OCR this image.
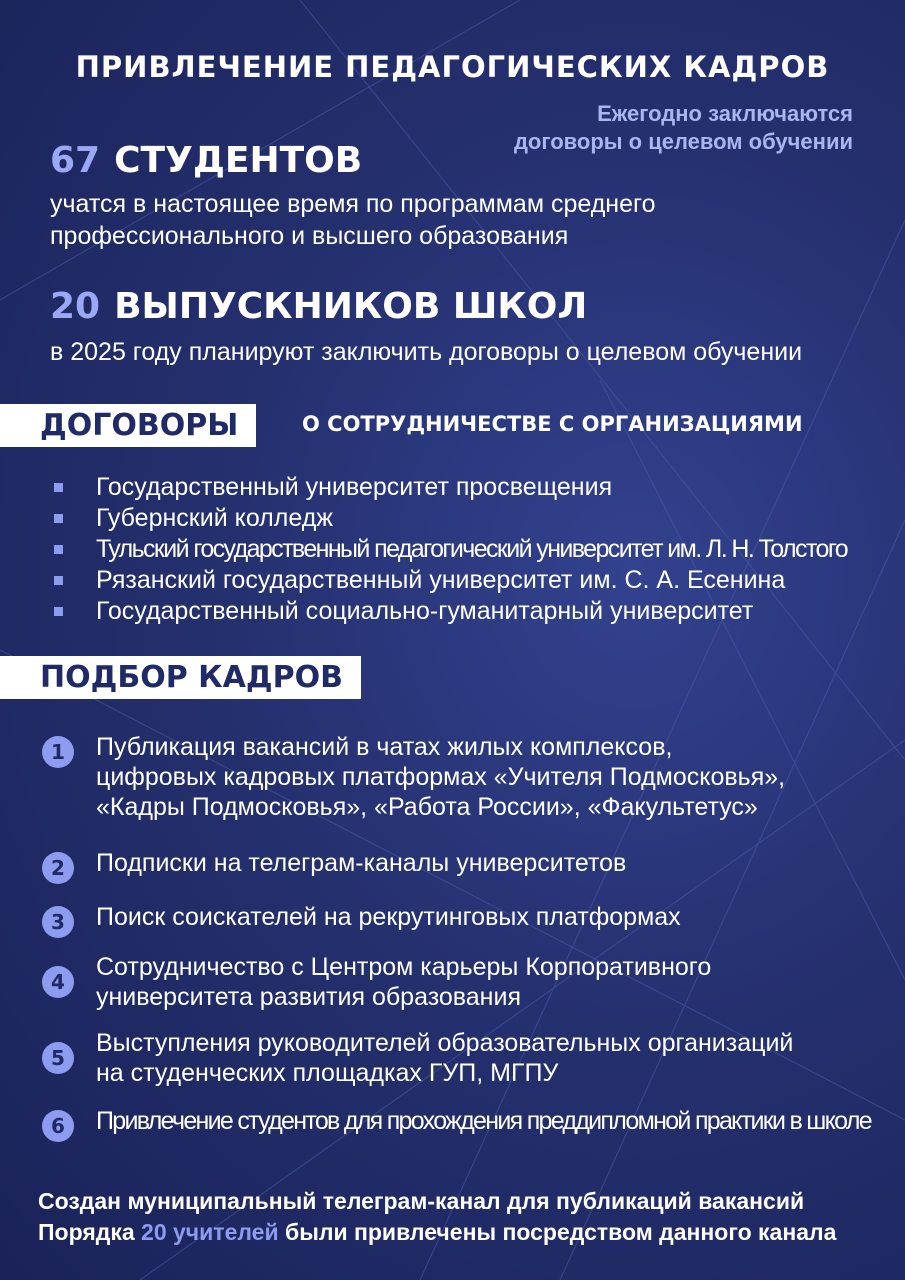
ПРИВЛЕЧЕНИЕ ПЕДАГОГИЧЕСКИХ КАДРОВ
Ежегодно заключаются
договоры о целевом обучении
67 СТУДЕНТОВ
учатся в настоящее время по программам среднего
профессионального и высшего образования
20 ВЫПУСКНИКОВ ШКОЛ
в 2025 году планируют заключить договоры о целевом обучении
ДОГОВОРЫ	О СОТРУДНИЧЕСТВЕ С ОРГАНИЗАЦИЯМИ
Государственный университет просвещения
Губернский колледж
Тульский государственный педагогический университет им. Л. Н. Толстого
Рязанский государственный университет им. С. А. Есенина
Государственный социально-гуманитарный университет
ПОДБОР КАДРОВ
1	Публикация вакансий в чатах жилых комплексов,
цифровых кадровых платформах «Учителя Подмосковья»,
«Кадры Подмосковья», «Работа России», «Факультетус»
2	Подписки на телеграм-каналы университетов
3	Поиск соискателей на рекрутинговых платформах
4
Сотрудничество с Центром карьеры Корпоративного
университета развития образования
5
Выступления руководителей образовательных организаций
на студенческих площадках ГУП, МГПУ
6	Привлечение студентов для прохождения преддипломной практики в школе
Создан муниципальный телеграм-канал для публикаций вакансий
Порядка 20 учителей были привлечены посредством данного канала
